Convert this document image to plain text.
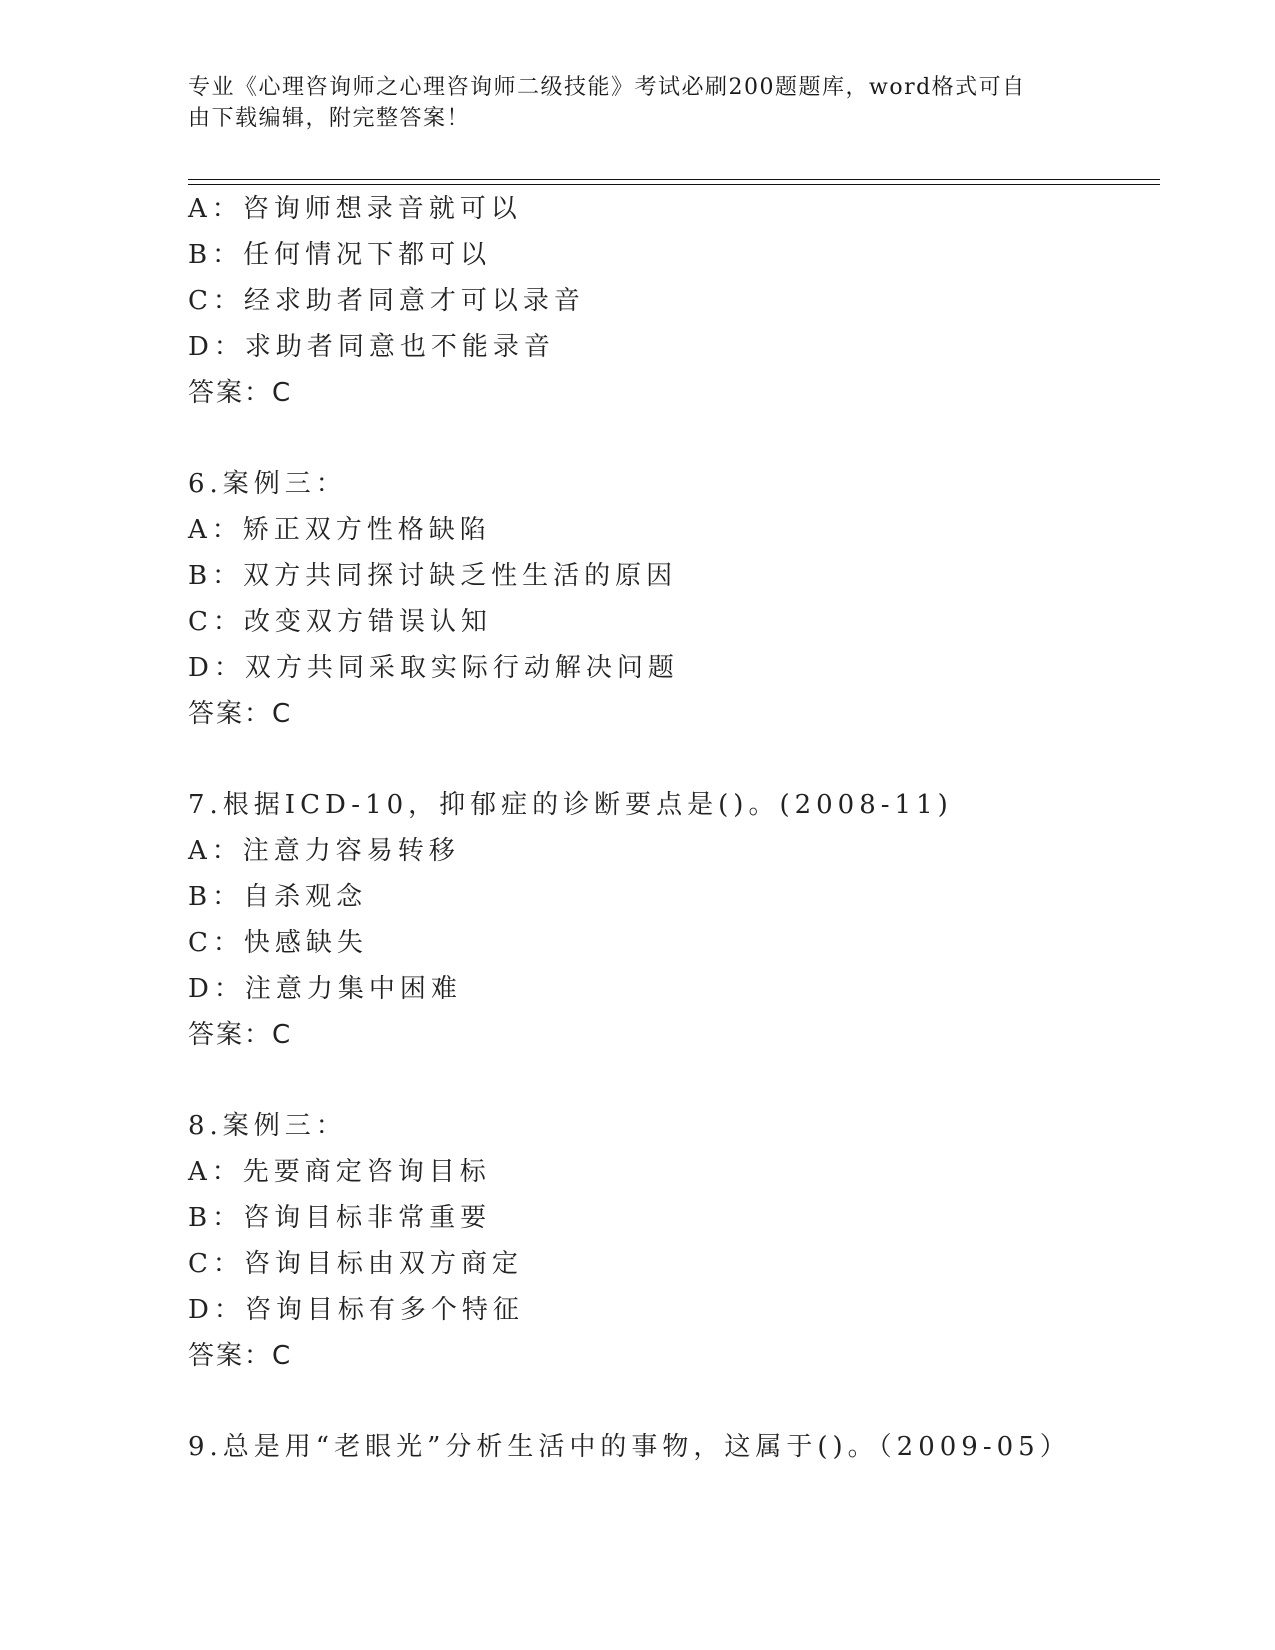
专业《心理咨询师之心理咨询师二级技能》考试必刷200题题库，word格式可自
由下载编辑，附完整答案！
A：咨询师想录音就可以
B：任何情况下都可以
C：经求助者同意才可以录音
D：求助者同意也不能录音
答案：C
6.案例三：
A：矫正双方性格缺陷
B：双方共同探讨缺乏性生活的原因
C：改变双方错误认知
D：双方共同采取实际行动解决问题
答案：C
7.根据ICD-10，抑郁症的诊断要点是()。(2008-11)
A：注意力容易转移
B：自杀观念
C：快感缺失
D：注意力集中困难
答案：C
8.案例三：
A：先要商定咨询目标
B：咨询目标非常重要
C：咨询目标由双方商定
D：咨询目标有多个特征
答案：C
9.总是用“老眼光”分析生活中的事物，这属于()。（2009-05）
